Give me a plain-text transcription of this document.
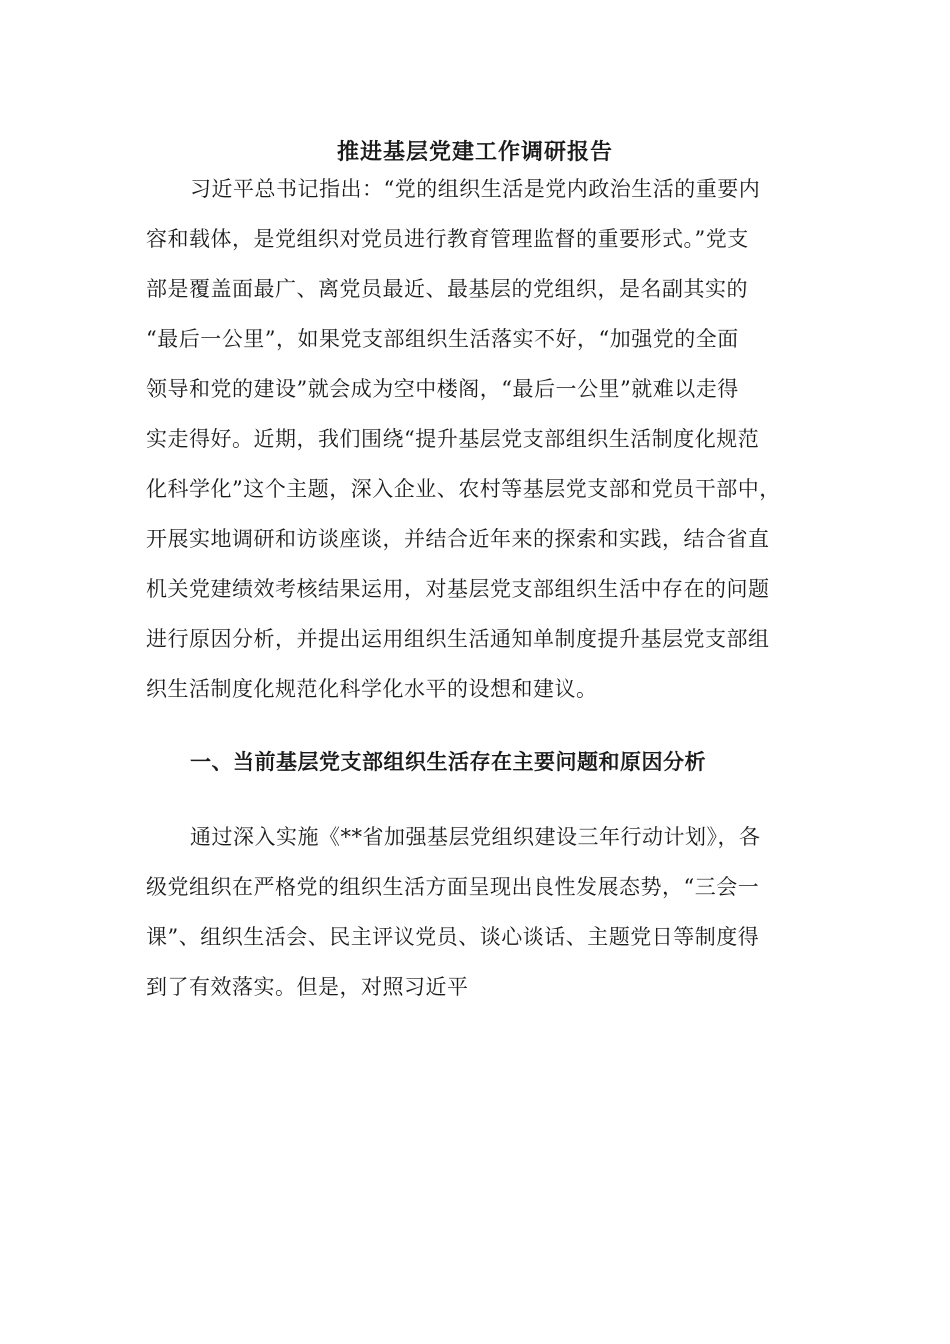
推进基层党建工作调研报告
习近平总书记指出：“党的组织生活是党内政治生活的重要内
容和载体，是党组织对党员进行教育管理监督的重要形式。”党支
部是覆盖面最广、离党员最近、最基层的党组织，是名副其实的
“最后一公里”，如果党支部组织生活落实不好，“加强党的全面
领导和党的建设”就会成为空中楼阁，“最后一公里”就难以走得
实走得好。近期，我们围绕“提升基层党支部组织生活制度化规范
化科学化”这个主题，深入企业、农村等基层党支部和党员干部中，
开展实地调研和访谈座谈，并结合近年来的探索和实践，结合省直
机关党建绩效考核结果运用，对基层党支部组织生活中存在的问题
进行原因分析，并提出运用组织生活通知单制度提升基层党支部组
织生活制度化规范化科学化水平的设想和建议。
一、当前基层党支部组织生活存在主要问题和原因分析
通过深入实施《**省加强基层党组织建设三年行动计划》，各
级党组织在严格党的组织生活方面呈现出良性发展态势，“三会一
课”、组织生活会、民主评议党员、谈心谈话、主题党日等制度得
到了有效落实。但是，对照习近平
